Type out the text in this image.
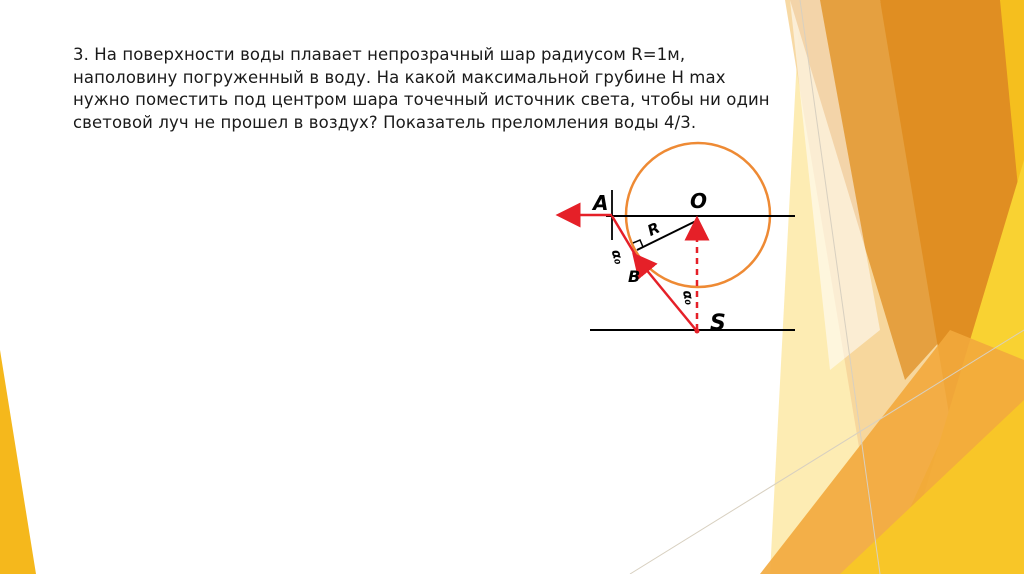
3. На поверхности воды плавает непрозрачный шар радиусом R=1м,
наполовину погруженный в воду. На какой максимальной грубине H max
нужно поместить под центром шара точечный источник света, чтобы ни один
световой луч не прошел в воздух? Показатель преломления воды 4/3.

A	O
R
B
S
α₀
α₀
